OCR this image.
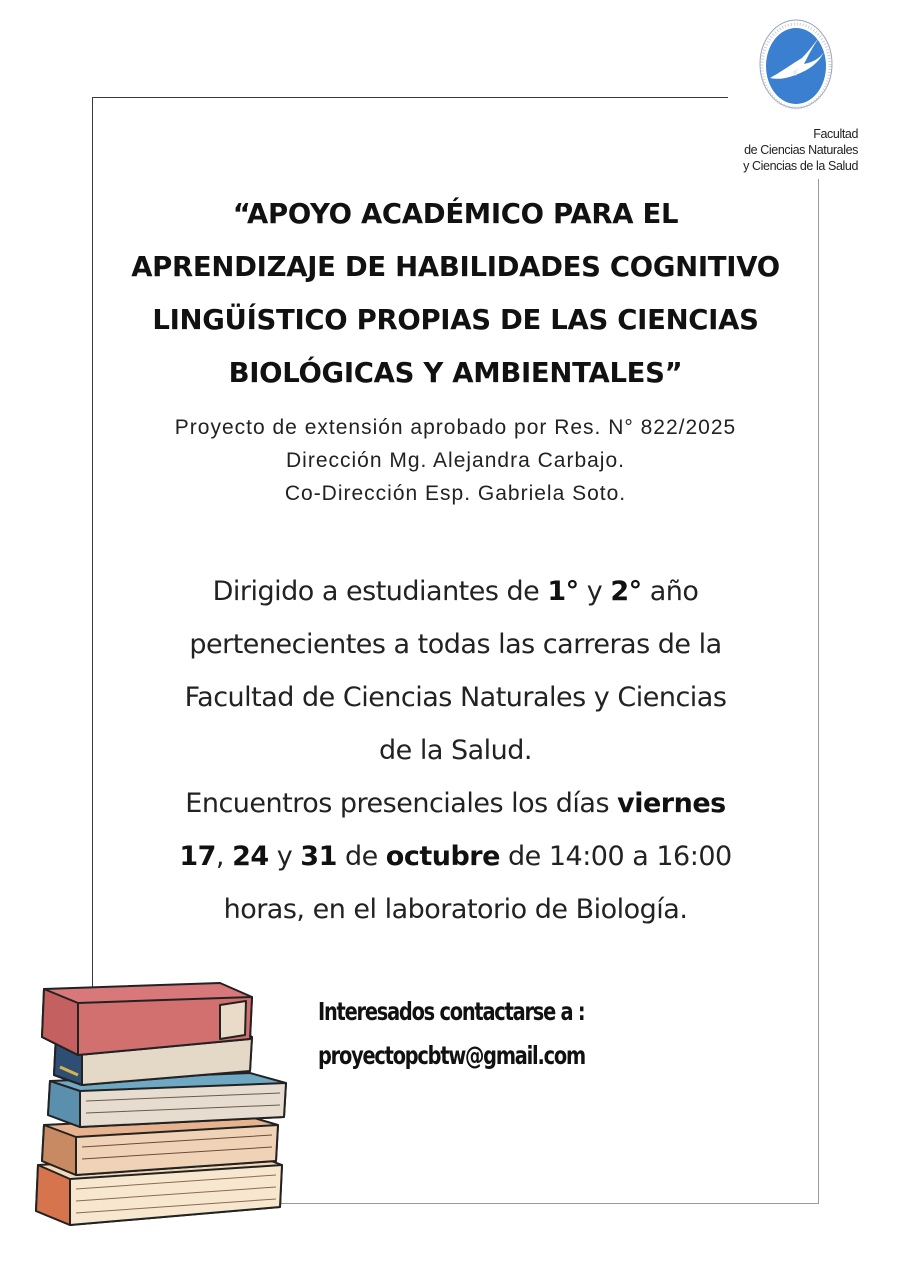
Facultad
de Ciencias Naturales
y Ciencias de la Salud
“APOYO ACADÉMICO PARA EL
APRENDIZAJE DE HABILIDADES COGNITIVO
LINGÜÍSTICO PROPIAS DE LAS CIENCIAS
BIOLÓGICAS Y AMBIENTALES”
Proyecto de extensión aprobado por Res. N° 822/2025
Dirección Mg. Alejandra Carbajo.
Co-Dirección Esp. Gabriela Soto.
Dirigido a estudiantes de 1° y 2° año
pertenecientes a todas las carreras de la
Facultad de Ciencias Naturales y Ciencias
de la Salud.
Encuentros presenciales los días viernes
17, 24 y 31 de octubre de 14:00 a 16:00
horas, en el laboratorio de Biología.
Interesados contactarse a :
proyectopcbtw@gmail.com
